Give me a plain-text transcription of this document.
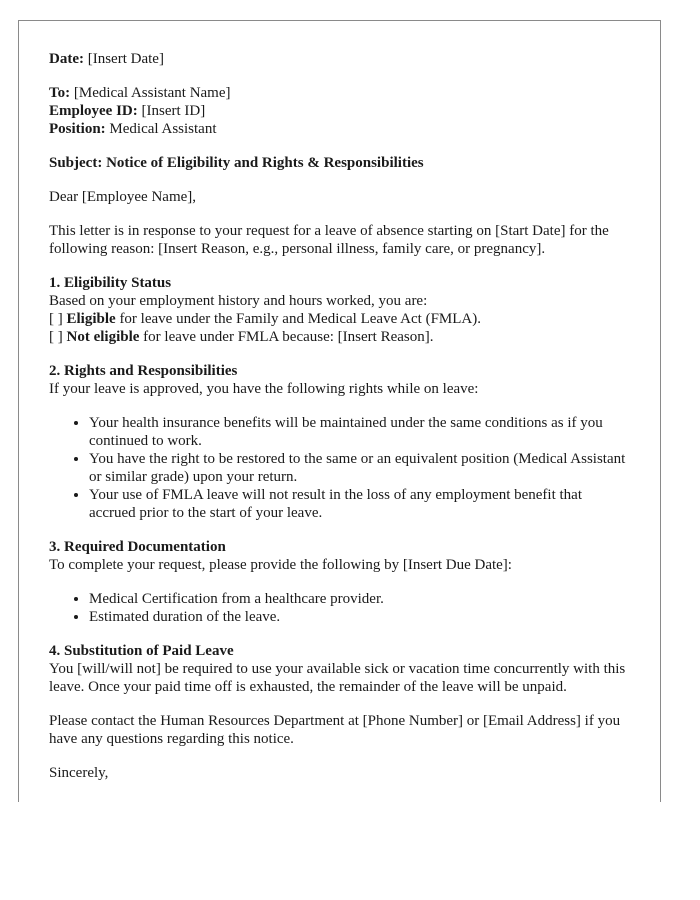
Date: [Insert Date]

To: [Medical Assistant Name]
Employee ID: [Insert ID]
Position: Medical Assistant

Subject: Notice of Eligibility and Rights & Responsibilities

Dear [Employee Name],

This letter is in response to your request for a leave of absence starting on [Start Date] for the following reason: [Insert Reason, e.g., personal illness, family care, or pregnancy].

1. Eligibility Status
Based on your employment history and hours worked, you are:
[ ] Eligible for leave under the Family and Medical Leave Act (FMLA).
[ ] Not eligible for leave under FMLA because: [Insert Reason].

2. Rights and Responsibilities
If your leave is approved, you have the following rights while on leave:
• Your health insurance benefits will be maintained under the same conditions as if you continued to work.
• You have the right to be restored to the same or an equivalent position (Medical Assistant or similar grade) upon your return.
• Your use of FMLA leave will not result in the loss of any employment benefit that accrued prior to the start of your leave.
3. Required Documentation
To complete your request, please provide the following by [Insert Due Date]:
• Medical Certification from a healthcare provider.
• Estimated duration of the leave.

4. Substitution of Paid Leave
You [will/will not] be required to use your available sick or vacation time concurrently with this leave. Once your paid time off is exhausted, the remainder of the leave will be unpaid.

Please contact the Human Resources Department at [Phone Number] or [Email Address] if you have any questions regarding this notice.

Sincerely,
